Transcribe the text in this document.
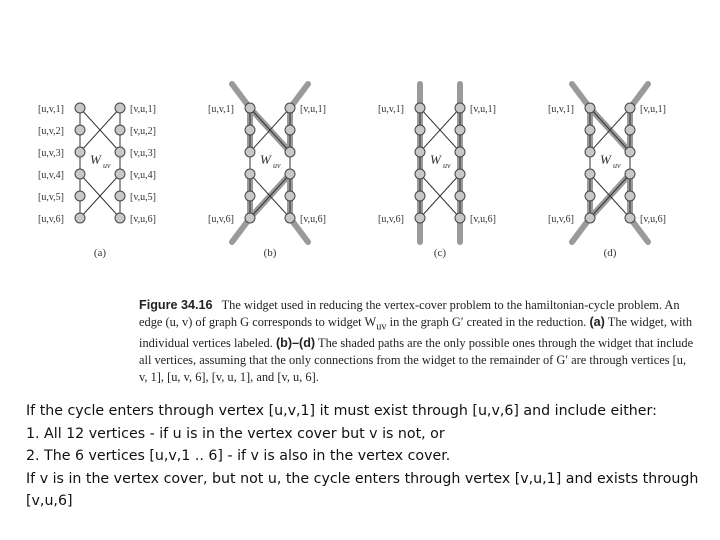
W uv
[u,v,1]
[u,v,2]
[u,v,3]
[u,v,4]
[u,v,5]
[u,v,6]
[v,u,1]
[v,u,2]
[v,u,3]
[v,u,4]
[v,u,5]
[v,u,6]
(a)
W uv
[u,v,1]	[v,u,1]
[u,v,6]	[v,u,6]
(b)
W uv
[u,v,1]	[v,u,1]
[u,v,6]	[v,u,6]
(c)
W uv
[u,v,1]	[v,u,1]
[u,v,6]	[v,u,6]
(d)
Figure 34.16 The widget used in reducing the vertex-cover problem to the hamiltonian-cycle problem. An edge (u, v) of graph G corresponds to widget $W_{uv}$ in the graph G′ created in the reduction. (a) The widget, with individual vertices labeled. (b)–(d) The shaded paths are the only possible ones through the widget that include all vertices, assuming that the only connections from the widget to the remainder of G′ are through vertices [u, v, 1], [u, v, 6], [v, u, 1], and [v, u, 6].

If the cycle enters through vertex [u,v,1] it must exist through [u,v,6] and include either:

1. All 12 vertices - if u is in the vertex cover but v is not, or

2. The 6 vertices [u,v,1 .. 6] - if v is also in the vertex cover.

If v is in the vertex cover, but not u, the cycle enters through vertex [v,u,1] and exists through [v,u,6]
